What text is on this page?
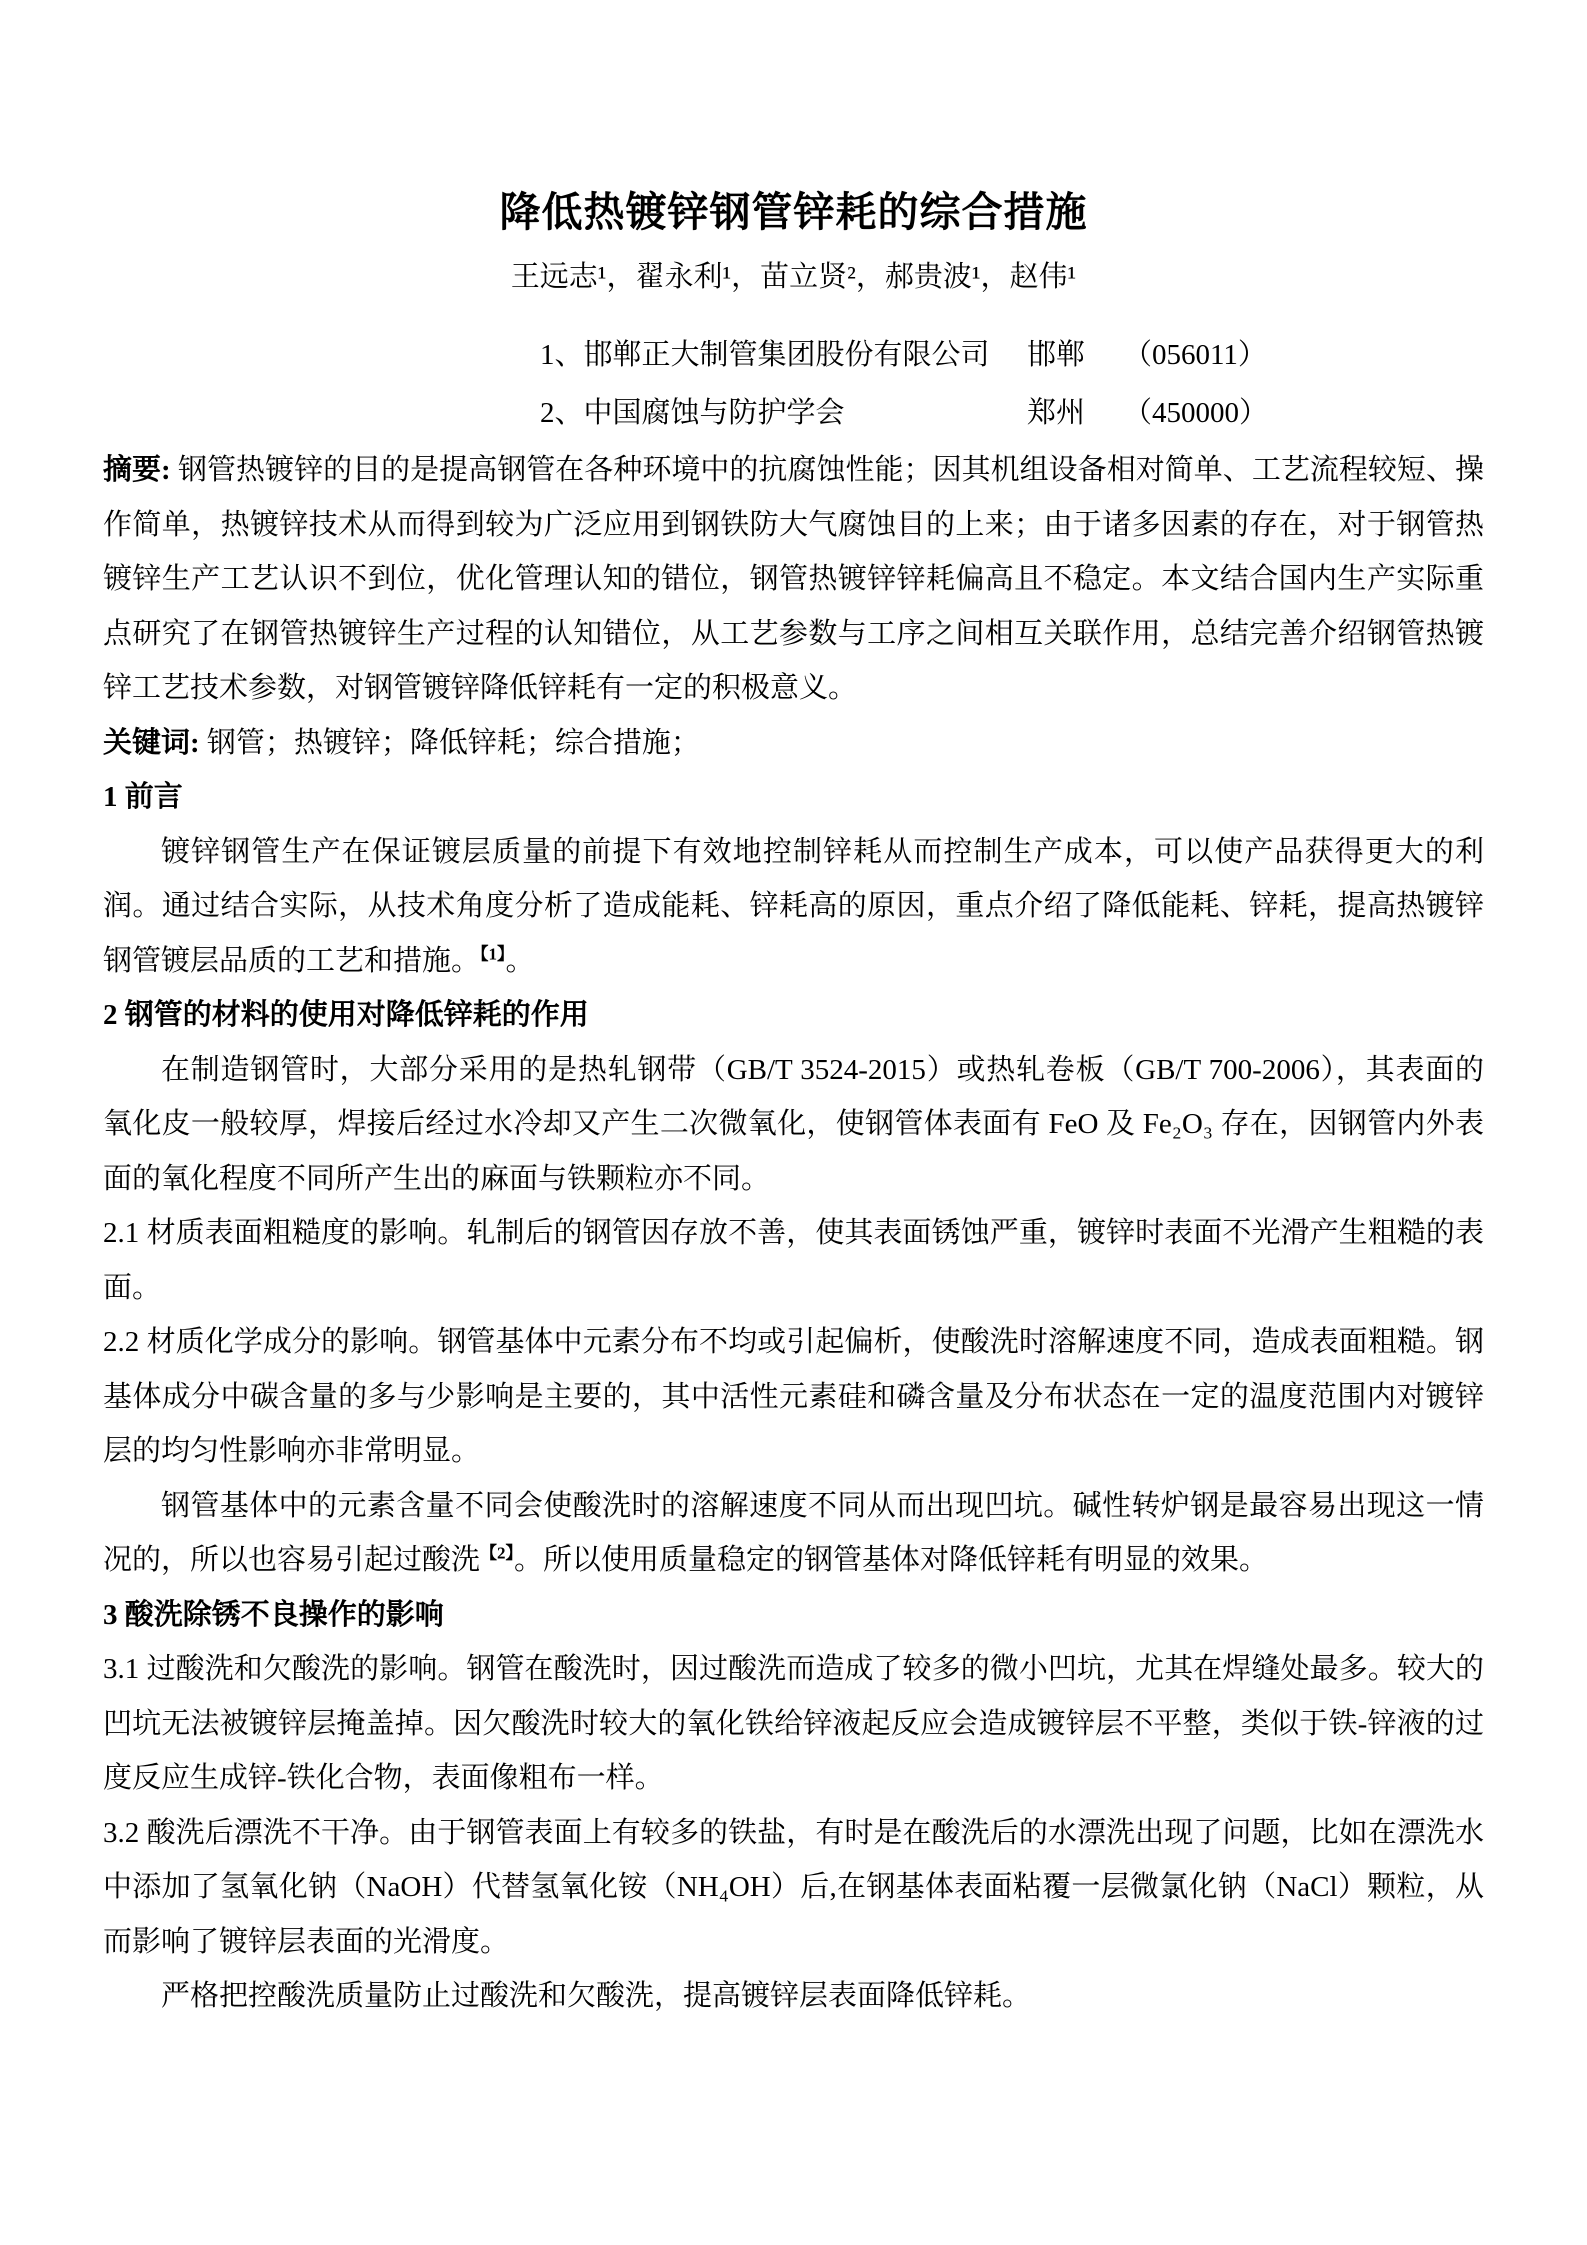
降低热镀锌钢管锌耗的综合措施
王远志¹，翟永利¹，苗立贤²，郝贵波¹，赵伟¹
1、邯郸正大制管集团股份有限公司	邯郸	（056011）
2、中国腐蚀与防护学会	郑州	（450000）

摘要: 钢管热镀锌的目的是提高钢管在各种环境中的抗腐蚀性能；因其机组设备相对简单、工艺流程较短、操作简单，热镀锌技术从而得到较为广泛应用到钢铁防大气腐蚀目的上来；由于诸多因素的存在，对于钢管热镀锌生产工艺认识不到位，优化管理认知的错位，钢管热镀锌锌耗偏高且不稳定。本文结合国内生产实际重点研究了在钢管热镀锌生产过程的认知错位，从工艺参数与工序之间相互关联作用，总结完善介绍钢管热镀锌工艺技术参数，对钢管镀锌降低锌耗有一定的积极意义。

关键词: 钢管；热镀锌；降低锌耗；综合措施；

1 前言

镀锌钢管生产在保证镀层质量的前提下有效地控制锌耗从而控制生产成本，可以使产品获得更大的利润。通过结合实际，从技术角度分析了造成能耗、锌耗高的原因，重点介绍了降低能耗、锌耗，提高热镀锌钢管镀层品质的工艺和措施。$^{【1】}$。

2 钢管的材料的使用对降低锌耗的作用

在制造钢管时，大部分采用的是热轧钢带（GB/T 3524-2015）或热轧卷板（GB/T 700-2006），其表面的氧化皮一般较厚，焊接后经过水冷却又产生二次微氧化，使钢管体表面有 FeO 及 Fe₂O₃ 存在，因钢管内外表面的氧化程度不同所产生出的麻面与铁颗粒亦不同。

2.1 材质表面粗糙度的影响。轧制后的钢管因存放不善，使其表面锈蚀严重，镀锌时表面不光滑产生粗糙的表面。

2.2 材质化学成分的影响。钢管基体中元素分布不均或引起偏析，使酸洗时溶解速度不同，造成表面粗糙。钢基体成分中碳含量的多与少影响是主要的，其中活性元素硅和磷含量及分布状态在一定的温度范围内对镀锌层的均匀性影响亦非常明显。

钢管基体中的元素含量不同会使酸洗时的溶解速度不同从而出现凹坑。碱性转炉钢是最容易出现这一情况的，所以也容易引起过酸洗$^{【2】}$。所以使用质量稳定的钢管基体对降低锌耗有明显的效果。

3 酸洗除锈不良操作的影响

3.1 过酸洗和欠酸洗的影响。钢管在酸洗时，因过酸洗而造成了较多的微小凹坑，尤其在焊缝处最多。较大的凹坑无法被镀锌层掩盖掉。因欠酸洗时较大的氧化铁给锌液起反应会造成镀锌层不平整，类似于铁-锌液的过度反应生成锌-铁化合物，表面像粗布一样。

3.2 酸洗后漂洗不干净。由于钢管表面上有较多的铁盐，有时是在酸洗后的水漂洗出现了问题，比如在漂洗水中添加了氢氧化钠（NaOH）代替氢氧化铵（NH₄OH）后,在钢基体表面粘覆一层微氯化钠（NaCl）颗粒，从而影响了镀锌层表面的光滑度。

严格把控酸洗质量防止过酸洗和欠酸洗，提高镀锌层表面降低锌耗。
